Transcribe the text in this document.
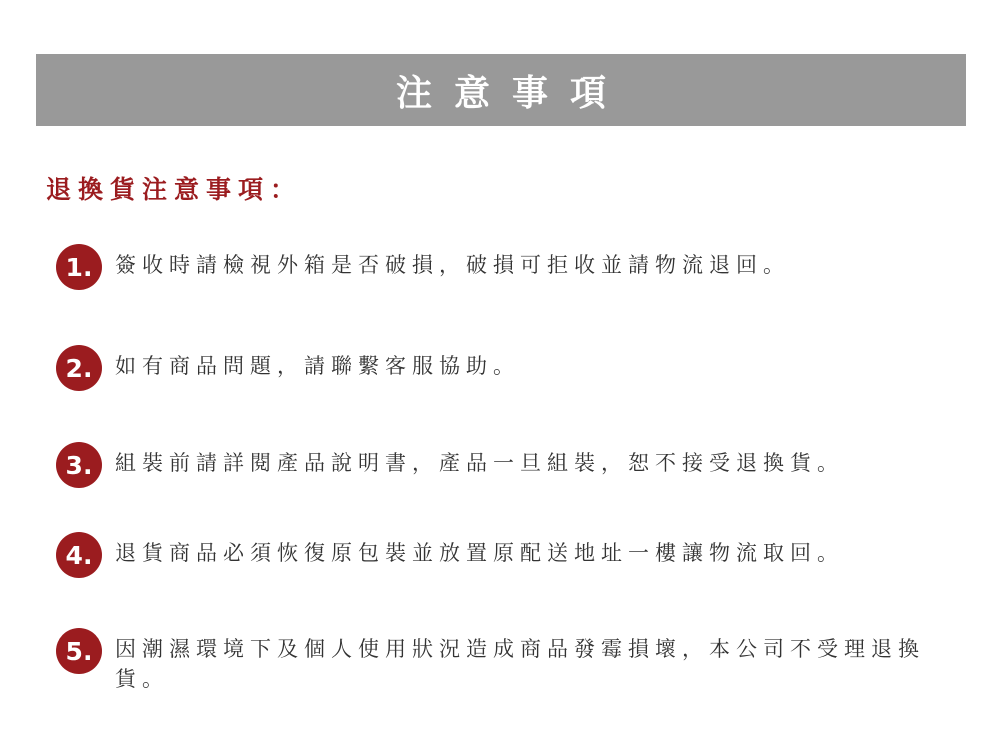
注意事項
退換貨注意事項：
1.	簽收時請檢視外箱是否破損，破損可拒收並請物流退回。
2.	如有商品問題，請聯繫客服協助。
3.	組裝前請詳閱產品說明書，產品一旦組裝，恕不接受退換貨。
4.	退貨商品必須恢復原包裝並放置原配送地址一樓讓物流取回。
5.	因潮濕環境下及個人使用狀況造成商品發霉損壞，本公司不受理退換貨。
